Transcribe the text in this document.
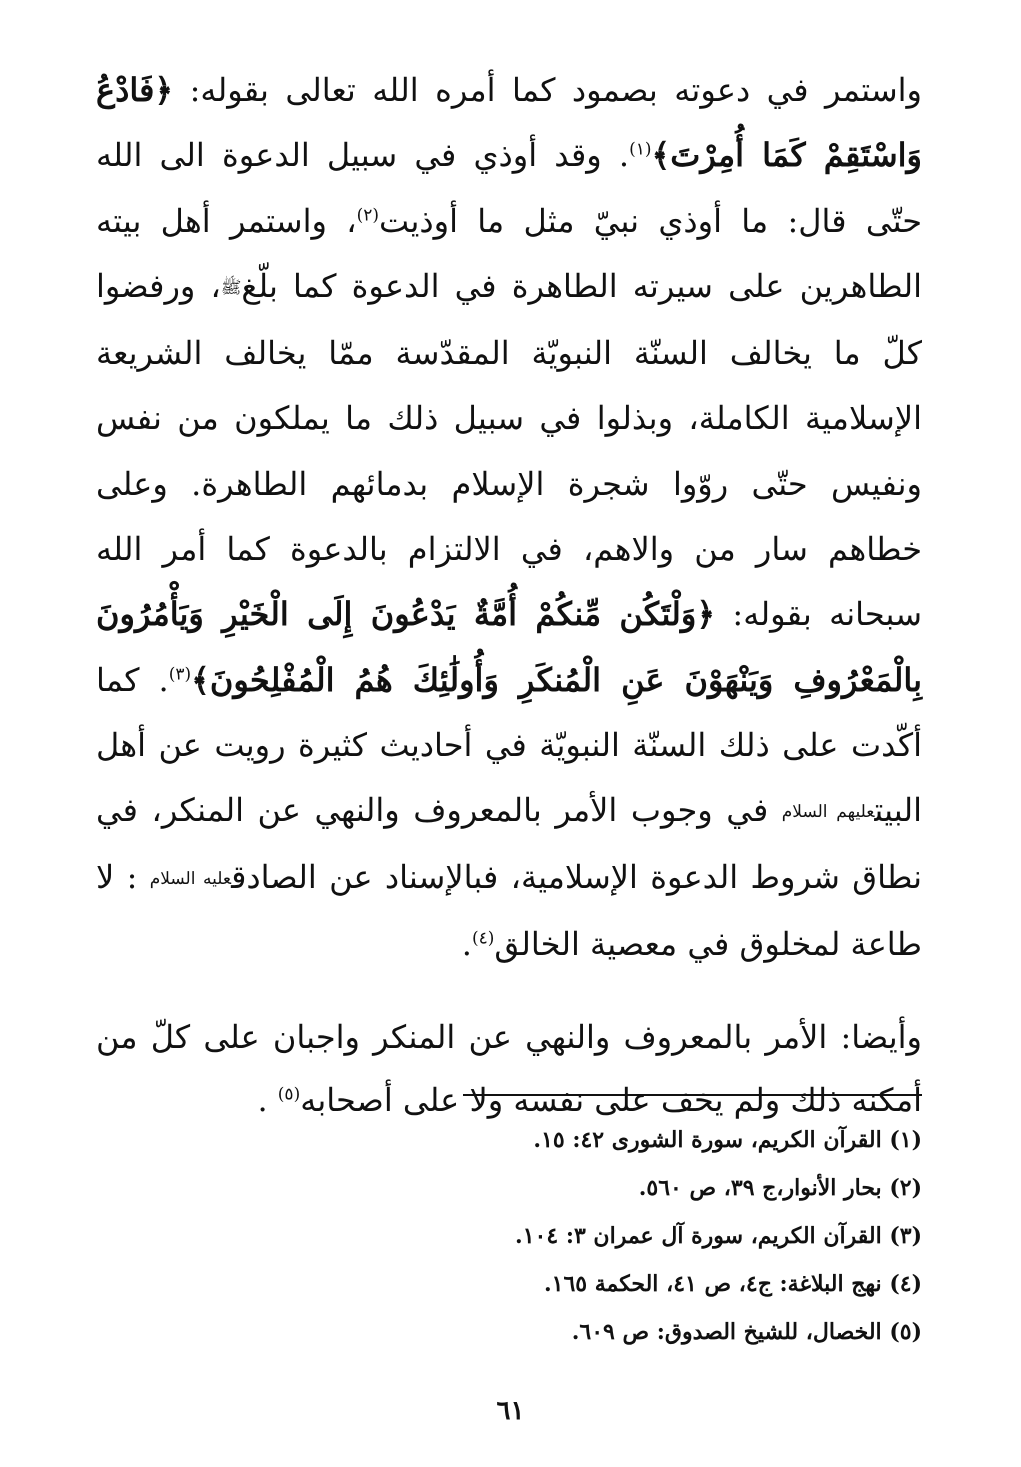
واستمر في دعوته بصمود كما أمره الله تعالى بقوله: ﴿فَادْعُ وَاسْتَقِمْ كَمَا أُمِرْتَ﴾$^{(١)}$. وقد أوذي في سبيل الدعوة الى الله حتّى قال: ما أوذي نبيّ مثل ما أوذيت$^{(٢)}$، واستمر أهل بيته الطاهرين على سيرته الطاهرة في الدعوة كما بلّغﷺ، ورفضوا كلّ ما يخالف السنّة النبويّة المقدّسة ممّا يخالف الشريعة الإسلامية الكاملة، وبذلوا في سبيل ذلك ما يملكون من نفس ونفيس حتّى روّوا شجرة الإسلام بدمائهم الطاهرة. وعلى خطاهم سار من والاهم، في الالتزام بالدعوة كما أمر الله سبحانه بقوله: ﴿وَلْتَكُن مِّنكُمْ أُمَّةٌ يَدْعُونَ إِلَى الْخَيْرِ وَيَأْمُرُونَ بِالْمَعْرُوفِ وَيَنْهَوْنَ عَنِ الْمُنكَرِ وَأُولَٰئِكَ هُمُ الْمُفْلِحُونَ﴾$^{(٣)}$. كما أكّدت على ذلك السنّة النبويّة في أحاديث كثيرة رويت عن أهل البيتعليهم السلام في وجوب الأمر بالمعروف والنهي عن المنكر، في نطاق شروط الدعوة الإسلامية، فبالإسناد عن الصادقعليه السلام : لا طاعة لمخلوق في معصية الخالق$^{(٤)}$.

وأيضا: الأمر بالمعروف والنهي عن المنكر واجبان على كلّ من أمكنه ذلك ولم يخف على نفسه ولا على أصحابه$^{(٥)}$ .

(١) القرآن الكريم، سورة الشورى ٤٢: ١٥.
(٢) بحار الأنوار،ج ٣٩، ص ٥٦٠.
(٣) القرآن الكريم، سورة آل عمران ٣: ١٠٤.
(٤) نهج البلاغة: ج٤، ص ٤١، الحكمة ١٦٥.
(٥) الخصال، للشيخ الصدوق: ص ٦٠٩.
٦١
